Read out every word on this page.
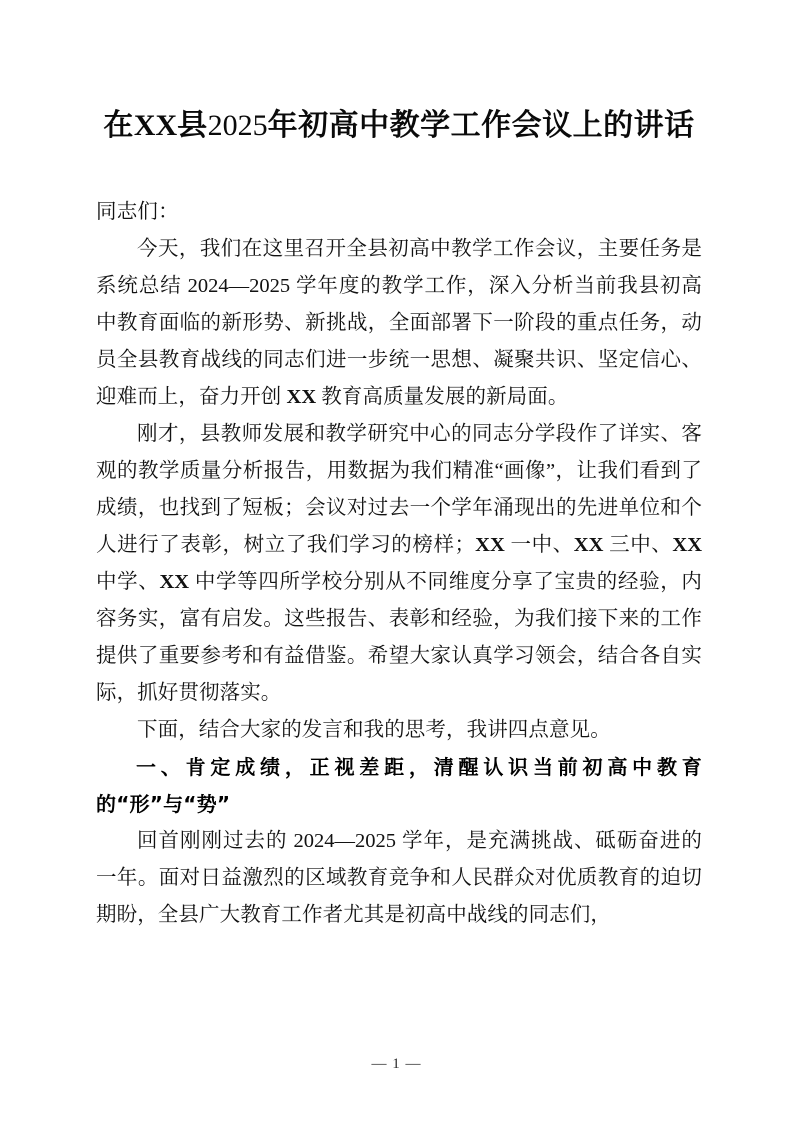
在XX县2025年初高中教学工作会议上的讲话

同志们：

今天，我们在这里召开全县初高中教学工作会议，主要任务是系统总结 2024—2025 学年度的教学工作，深入分析当前我县初高中教育面临的新形势、新挑战，全面部署下一阶段的重点任务，动员全县教育战线的同志们进一步统一思想、凝聚共识、坚定信心、迎难而上，奋力开创 XX 教育高质量发展的新局面。

刚才，县教师发展和教学研究中心的同志分学段作了详实、客观的教学质量分析报告，用数据为我们精准“画像”，让我们看到了成绩，也找到了短板；会议对过去一个学年涌现出的先进单位和个人进行了表彰，树立了我们学习的榜样；XX 一中、XX 三中、XX 中学、XX 中学等四所学校分别从不同维度分享了宝贵的经验，内容务实，富有启发。这些报告、表彰和经验，为我们接下来的工作提供了重要参考和有益借鉴。希望大家认真学习领会，结合各自实际，抓好贯彻落实。

下面，结合大家的发言和我的思考，我讲四点意见。

一、肯定成绩，正视差距，清醒认识当前初高中教育的“形”与“势”

回首刚刚过去的 2024—2025 学年，是充满挑战、砥砺奋进的一年。面对日益激烈的区域教育竞争和人民群众对优质教育的迫切期盼，全县广大教育工作者尤其是初高中战线的同志们，

— 1 —
